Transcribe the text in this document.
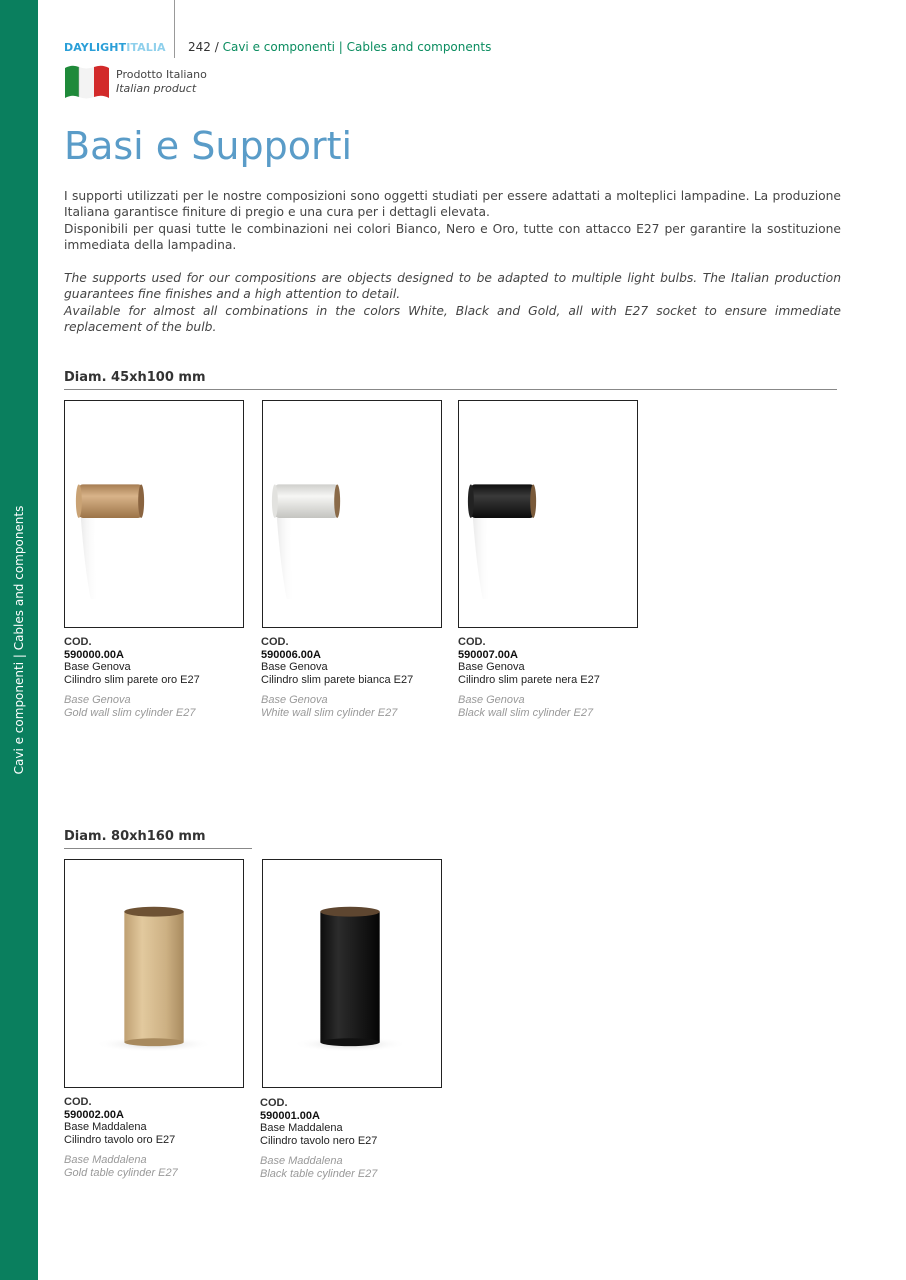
Cavi e componenti | Cables and components
DAYLIGHTITALIA 242 / Cavi e componenti | Cables and components
Prodotto Italiano
Italian product
Basi e Supporti

I supporti utilizzati per le nostre composizioni sono oggetti studiati per essere adattati a molteplici lampadine. La produzione Italiana garantisce finiture di pregio e una cura per i dettagli elevata.

Disponibili per quasi tutte le combinazioni nei colori Bianco, Nero e Oro, tutte con attacco E27 per garantire la sostituzione immediata della lampadina.

The supports used for our compositions are objects designed to be adapted to multiple light bulbs. The Italian production guarantees fine finishes and a high attention to detail.

Available for almost all combinations in the colors White, Black and Gold, all with E27 socket to ensure immediate replacement of the bulb.

Diam. 45xh100 mm
COD.
590000.00A
Base Genova
Cilindro slim parete oro E27
Base Genova
Gold wall slim cylinder E27
COD.
590006.00A
Base Genova
Cilindro slim parete bianca E27
Base Genova
White wall slim cylinder E27
COD.
590007.00A
Base Genova
Cilindro slim parete nera E27
Base Genova
Black wall slim cylinder E27
Diam. 80xh160 mm
COD.
590002.00A
Base Maddalena
Cilindro tavolo oro E27
Base Maddalena
Gold table cylinder E27
COD.
590001.00A
Base Maddalena
Cilindro tavolo nero E27
Base Maddalena
Black table cylinder E27
